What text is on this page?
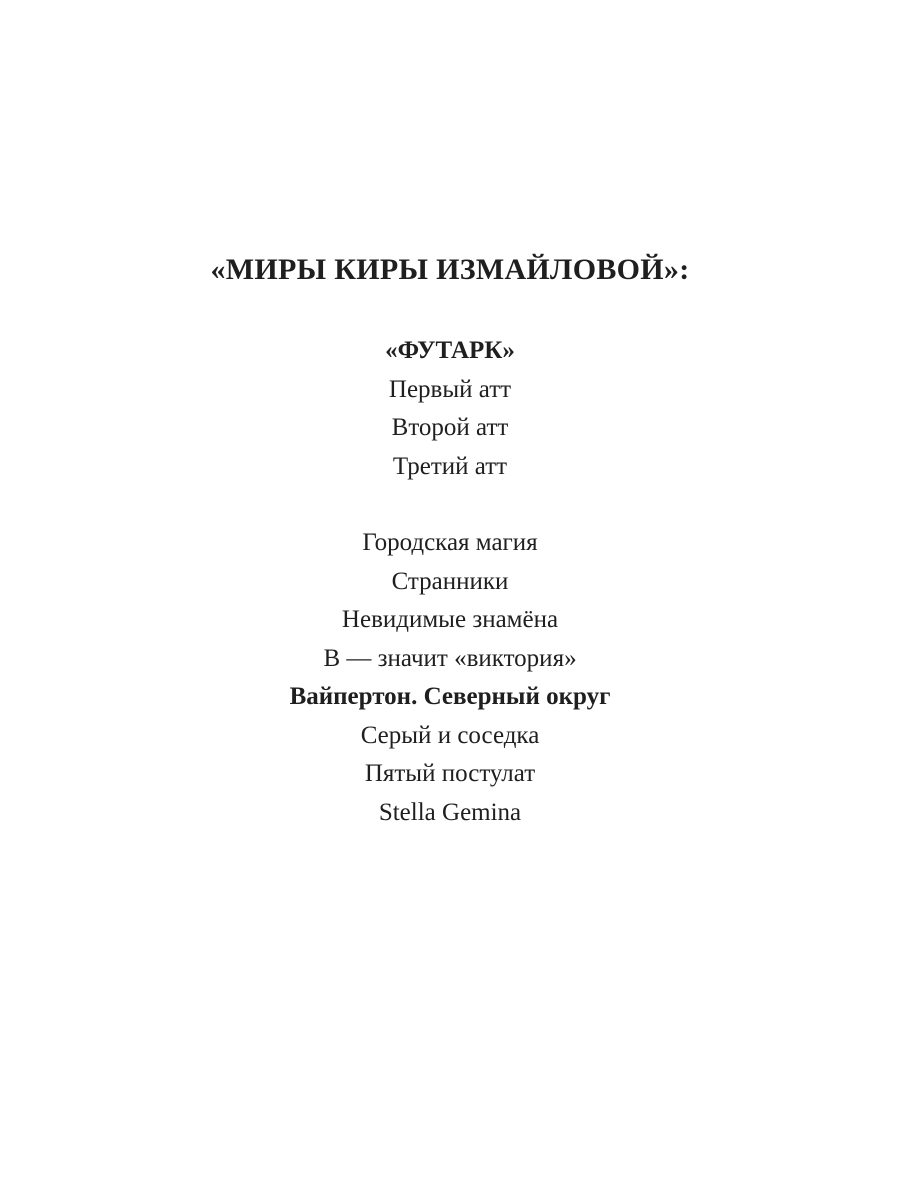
«МИРЫ КИРЫ ИЗМАЙЛОВОЙ»:
«ФУТАРК»
Первый атт
Второй атт
Третий атт
Городская магия
Странники
Невидимые знамёна
В — значит «виктория»
Вайпертон. Северный округ
Серый и соседка
Пятый постулат
Stella Gemina
